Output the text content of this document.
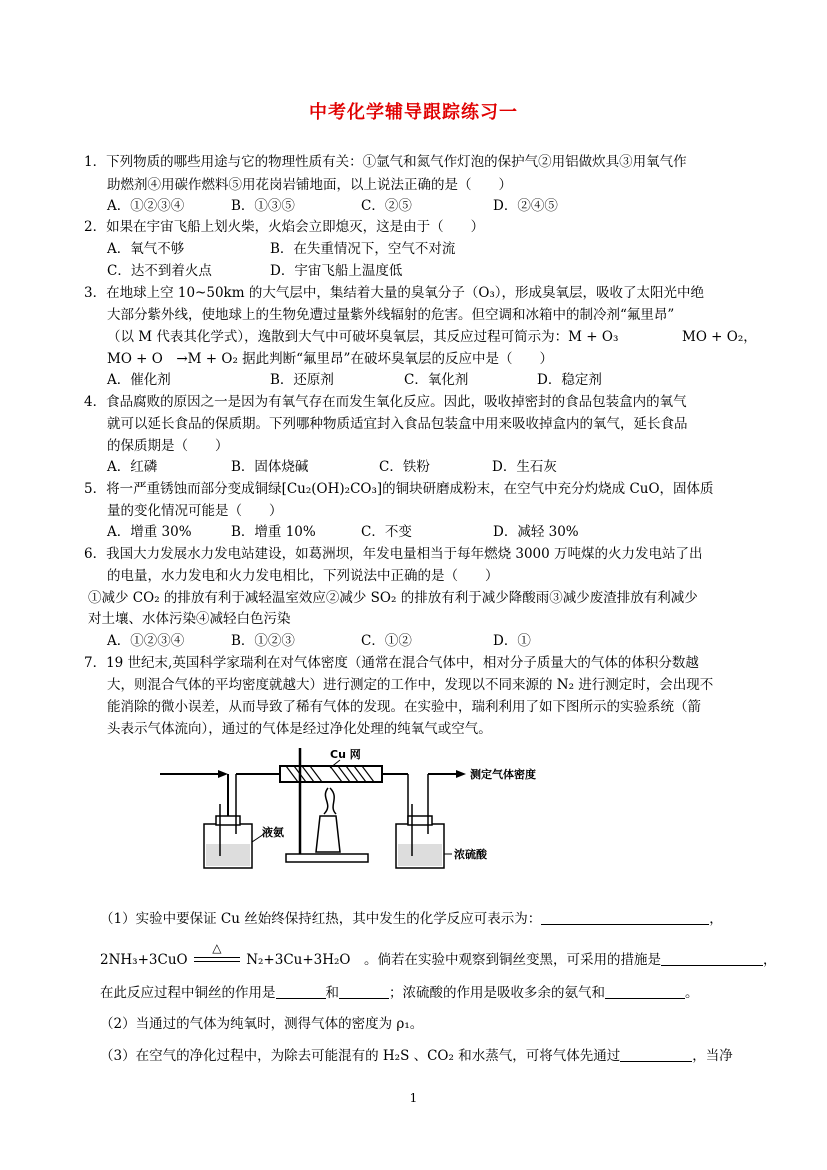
中考化学辅导跟踪练习一
1．下列物质的哪些用途与它的物理性质有关：①氩气和氮气作灯泡的保护气②用铝做炊具③用氧气作
助燃剂④用碳作燃料⑤用花岗岩铺地面，以上说法正确的是（　　）
A．①②③④	B．①③⑤	C．②⑤	D．②④⑤
2．如果在宇宙飞船上划火柴，火焰会立即熄灭，这是由于（　　）
A．氧气不够	B．在失重情况下，空气不对流
C．达不到着火点	D．宇宙飞船上温度低
3．在地球上空 10~50km 的大气层中，集结着大量的臭氧分子（O₃），形成臭氧层，吸收了太阳光中绝
大部分紫外线，使地球上的生物免遭过量紫外线辐射的危害。但空调和冰箱中的制冷剂“氟里昂”
（以 M 代表其化学式），逸散到大气中可破坏臭氧层，其反应过程可简示为：M + O₃	MO + O₂，
MO + O　→M + O₂ 据此判断“氟里昂”在破坏臭氧层的反应中是（　　）
A．催化剂	B．还原剂	C．氧化剂	D．稳定剂
4．食品腐败的原因之一是因为有氧气存在而发生氧化反应。因此，吸收掉密封的食品包装盒内的氧气
就可以延长食品的保质期。下列哪种物质适宜封入食品包装盒中用来吸收掉盒内的氧气，延长食品
的保质期是（　　）
A．红磷	B．固体烧碱	C．铁粉	D．生石灰
5．将一严重锈蚀而部分变成铜绿[Cu₂(OH)₂CO₃]的铜块研磨成粉末，在空气中充分灼烧成 CuO，固体质
量的变化情况可能是（　　）
A．增重 30%	B．增重 10%	C．不变	D．减轻 30%
6．我国大力发展水力发电站建设，如葛洲坝，年发电量相当于每年燃烧 3000 万吨煤的火力发电站了出
的电量，水力发电和火力发电相比，下列说法中正确的是（　　）
①减少 CO₂ 的排放有利于减轻温室效应②减少 SO₂ 的排放有利于减少降酸雨③减少废渣排放有利减少
对土壤、水体污染④减轻白色污染
A．①②③④	B．①②③	C．①②	D．①
7．19 世纪末,英国科学家瑞利在对气体密度（通常在混合气体中，相对分子质量大的气体的体积分数越
大，则混合气体的平均密度就越大）进行测定的工作中，发现以不同来源的 N₂ 进行测定时，会出现不
能消除的微小误差，从而导致了稀有气体的发现。在实验中，瑞利利用了如下图所示的实验系统（箭
头表示气体流向），通过的气体是经过净化处理的纯氧气或空气。
Cu 网
测定气体密度
液氨
浓硫酸
（1）实验中要保证 Cu 丝始终保持红热，其中发生的化学反应可表示为：	，
2NH₃+3CuO
△
N₂+3Cu+3H₂O　。倘若在实验中观察到铜丝变黑，可采用的措施是	，
在此反应过程中铜丝的作用是	和	；浓硫酸的作用是吸收多余的氨气和	。
（2）当通过的气体为纯氧时，测得气体的密度为 ρ₁。
（3）在空气的净化过程中，为除去可能混有的 H₂S 、CO₂ 和水蒸气，可将气体先通过	，当净
1
